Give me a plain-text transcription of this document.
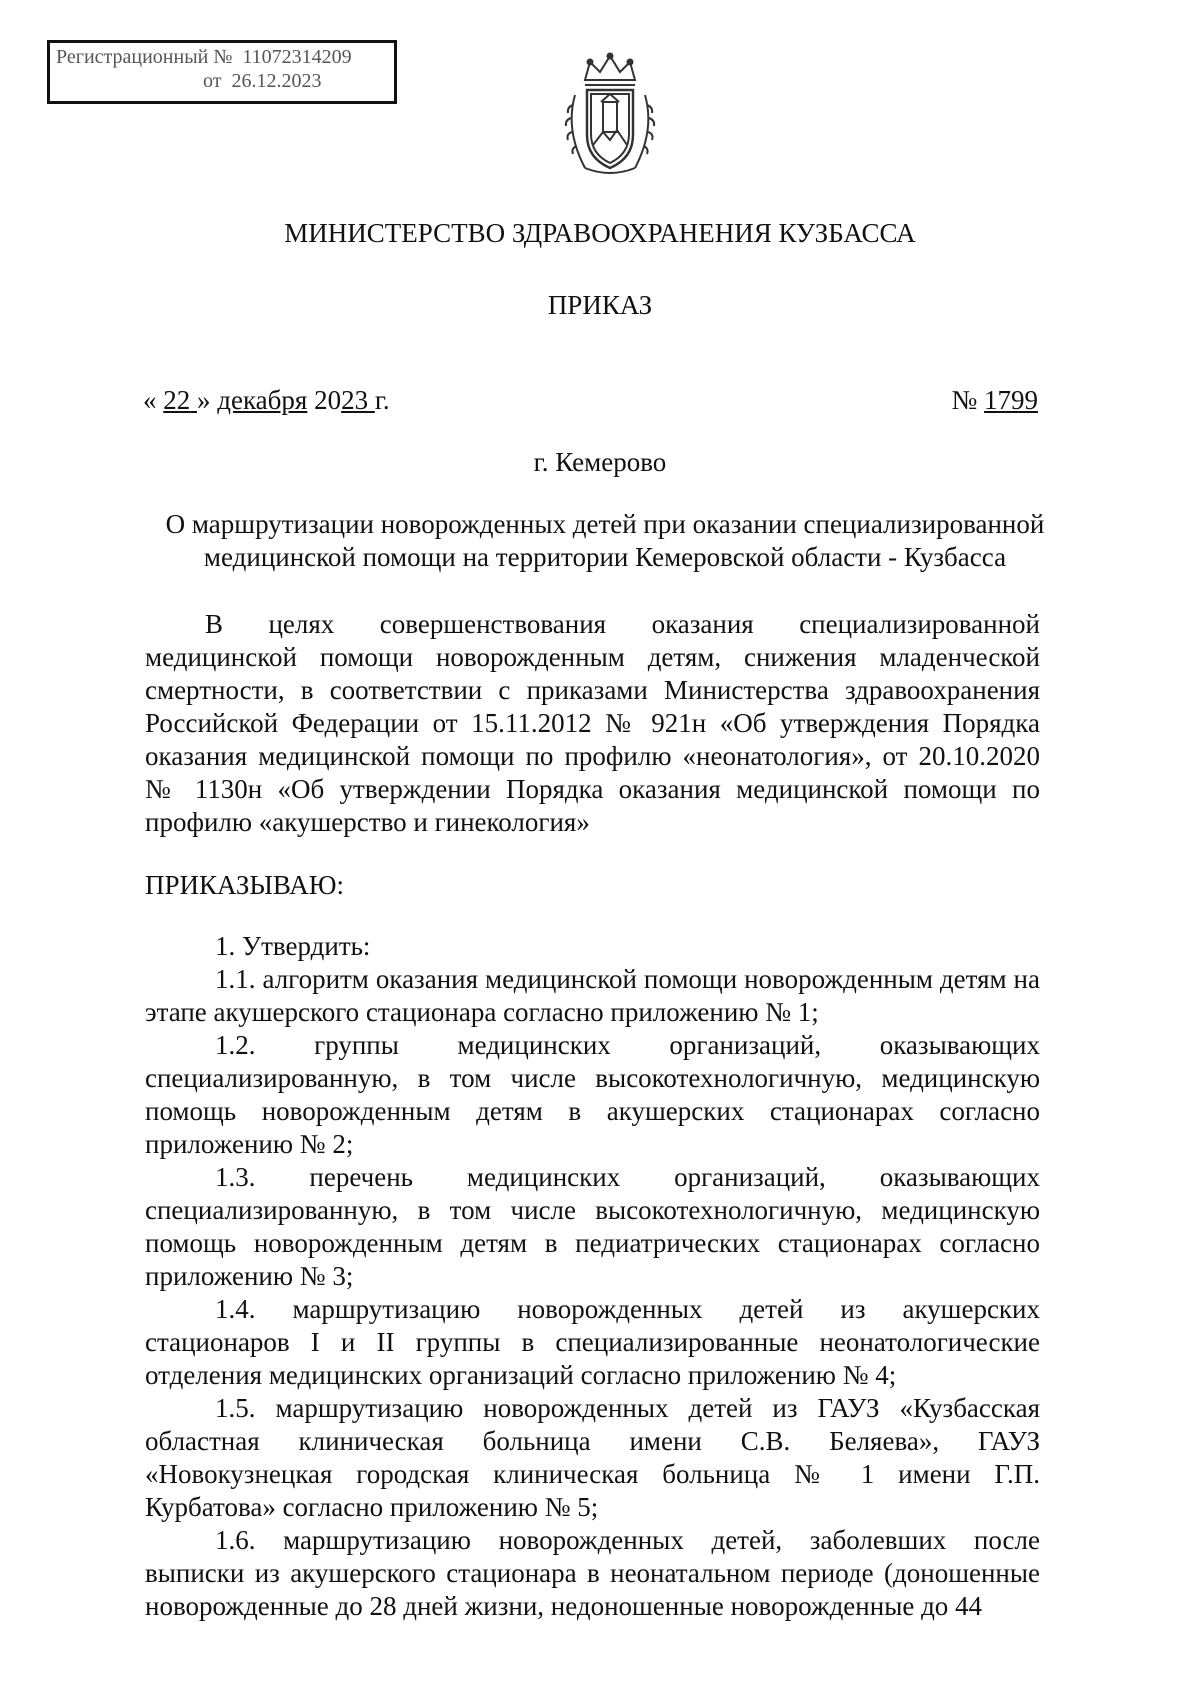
Регистрационный № 11072314209
от 26.12.2023
МИНИСТЕРСТВО ЗДРАВООХРАНЕНИЯ КУЗБАССА
ПРИКАЗ
« 22 » декабря 2023 г.	№ 1799
г. Кемерово
О маршрутизации новорожденных детей при оказании специализированной медицинской помощи на территории Кемеровской области - Кузбасса

В целях совершенствования оказания специализированной медицинской помощи новорожденным детям, снижения младенческой смертности, в соответствии с приказами Министерства здравоохранения Российской Федерации от 15.11.2012 № 921н «Об утверждения Порядка оказания медицинской помощи по профилю «неонатология», от 20.10.2020 № 1130н «Об утверждении Порядка оказания медицинской помощи по профилю «акушерство и гинекология»

ПРИКАЗЫВАЮ:

1. Утвердить:

1.1. алгоритм оказания медицинской помощи новорожденным детям на этапе акушерского стационара согласно приложению № 1;

1.2. группы медицинских организаций, оказывающих специализированную, в том числе высокотехнологичную, медицинскую помощь новорожденным детям в акушерских стационарах согласно приложению № 2;

1.3. перечень медицинских организаций, оказывающих специализированную, в том числе высокотехнологичную, медицинскую помощь новорожденным детям в педиатрических стационарах согласно приложению № 3;

1.4. маршрутизацию новорожденных детей из акушерских стационаров I и II группы в специализированные неонатологические отделения медицинских организаций согласно приложению № 4;

1.5. маршрутизацию новорожденных детей из ГАУЗ «Кузбасская областная клиническая больница имени С.В. Беляева», ГАУЗ «Новокузнецкая городская клиническая больница № 1 имени Г.П. Курбатова» согласно приложению № 5;

1.6. маршрутизацию новорожденных детей, заболевших после выписки из акушерского стационара в неонатальном периоде (доношенные новорожденные до 28 дней жизни, недоношенные новорожденные до 44
